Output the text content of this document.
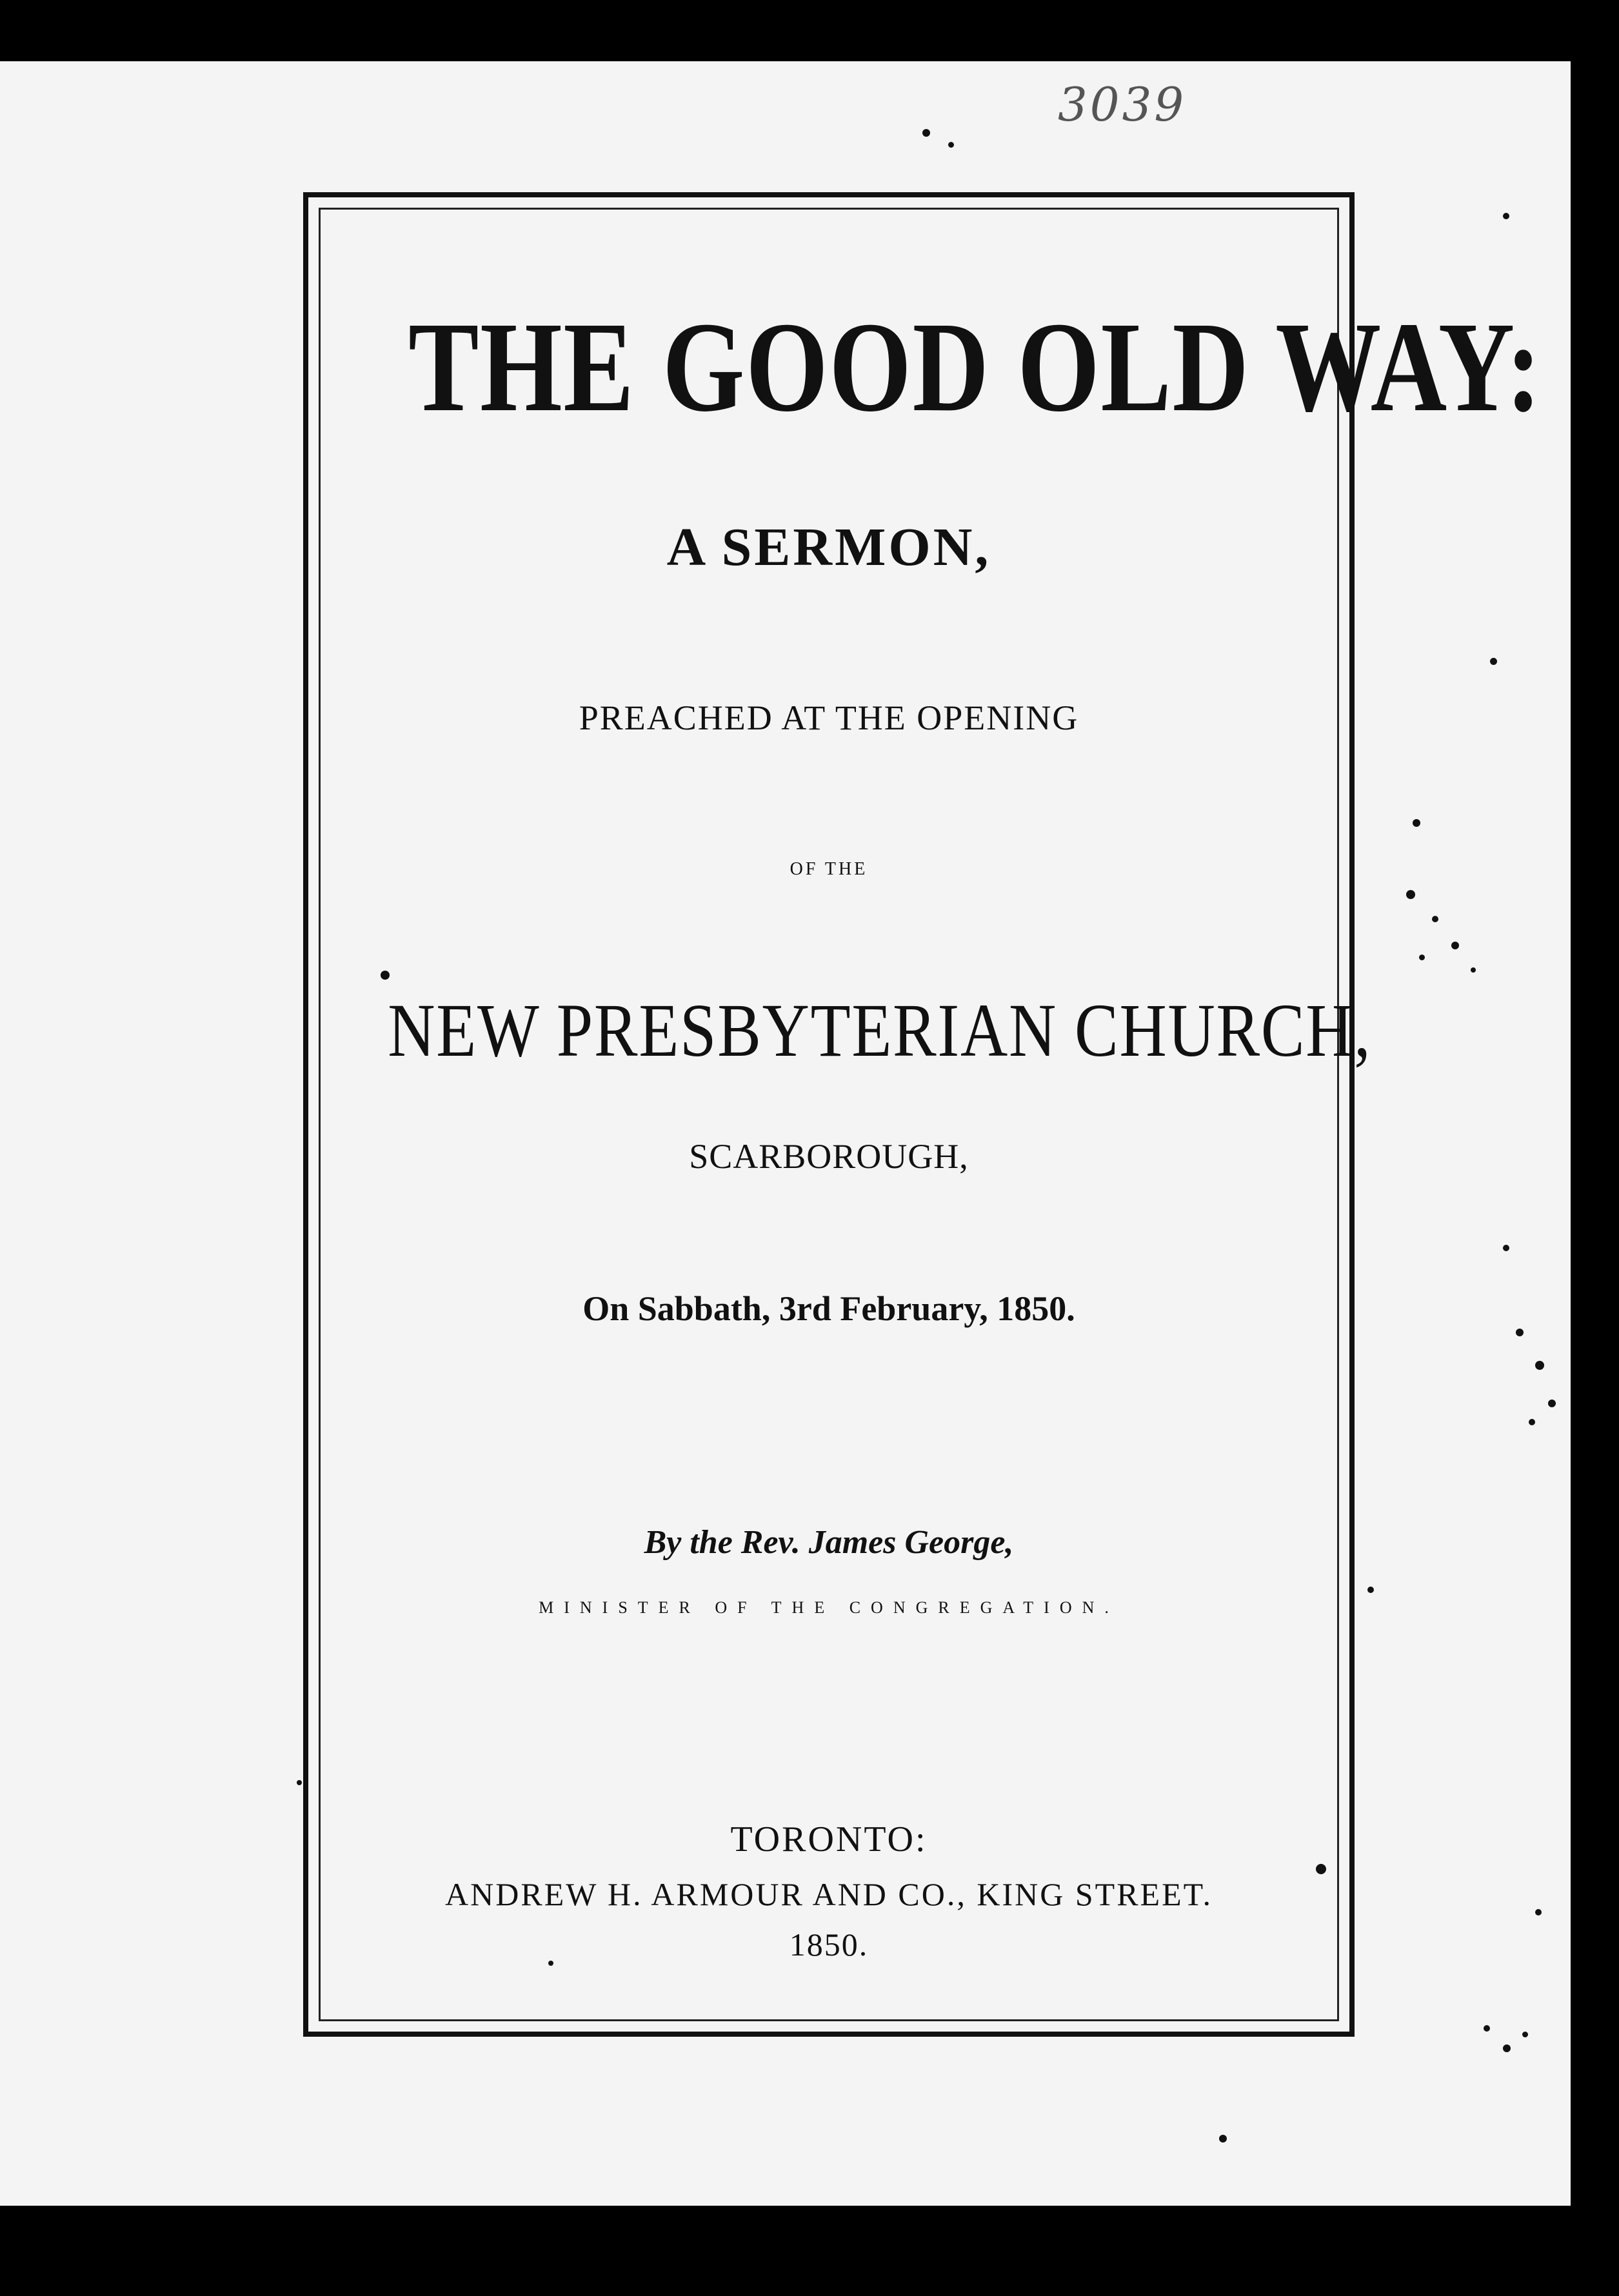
3039
THE GOOD OLD WAY:
A SERMON,
PREACHED AT THE OPENING
OF THE
NEW PRESBYTERIAN CHURCH,
SCARBOROUGH,
On Sabbath, 3rd February, 1850.
By the Rev. James George,
MINISTER OF THE CONGREGATION.
TORONTO:
ANDREW H. ARMOUR AND CO., KING STREET.
1850.
